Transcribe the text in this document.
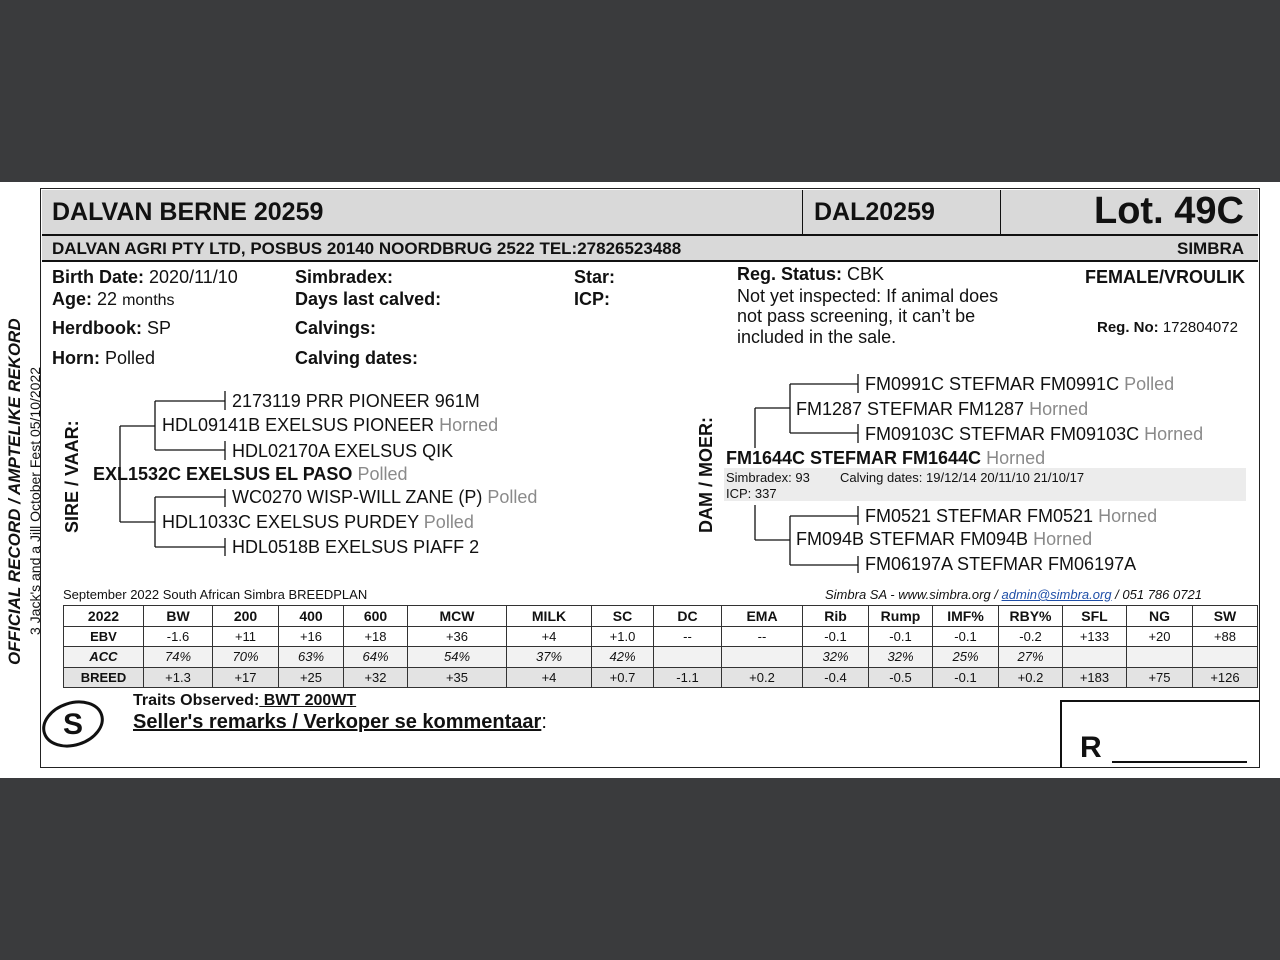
DALVAN BERNE 20259	DAL20259	Lot. 49C
DALVAN AGRI PTY LTD, POSBUS 20140 NOORDBRUG 2522 TEL:27826523488	SIMBRA
Birth Date: 2020/11/10
Age: 22 months
Herdbook: SP
Horn: Polled
Simbradex:
Days last calved:
Calvings:
Calving dates:
Star:
ICP:
Reg. Status: CBK
Not yet inspected: If animal does
not pass screening, it can’t be
included in the sale.
FEMALE/VROULIK
Reg. No: 172804072
SIRE / VAAR:	DAM / MOER:
OFFICIAL RECORD / AMPTELIKE REKORD 3 Jack's and a Jill October Fest 05/10/2022	2173119 PRR PIONEER 961M
HDL09141B EXELSUS PIONEER Horned
HDL02170A EXELSUS QIK
EXL1532C EXELSUS EL PASO Polled
WC0270 WISP-WILL ZANE (P) Polled
HDL1033C EXELSUS PURDEY Polled
HDL0518B EXELSUS PIAFF 2
FM0991C STEFMAR FM0991C Polled
FM1287 STEFMAR FM1287 Horned
FM09103C STEFMAR FM09103C Horned
FM1644C STEFMAR FM1644C Horned
Simbradex: 93 Calving dates: 19/12/14 20/11/10 21/10/17
ICP: 337
FM0521 STEFMAR FM0521 Horned
FM094B STEFMAR FM094B Horned
FM06197A STEFMAR FM06197A
September 2022 South African Simbra BREEDPLAN	Simbra SA - www.simbra.org / admin@simbra.org / 051 786 0721
2022	BW	200	400	600	MCW	MILK	SC	DC	EMA	Rib	Rump	IMF%	RBY%	SFL	NG	SW
EBV	-1.6	+11	+16	+18	+36	+4	+1.0	--	--	-0.1	-0.1	-0.1	-0.2	+133	+20	+88
ACC	74%	70%	63%	64%	54%	37%	42%			32%	32%	25%	27%			
BREED	+1.3	+17	+25	+32	+35	+4	+0.7	-1.1	+0.2	-0.4	-0.5	-0.1	+0.2	+183	+75	+126
Traits Observed: BWT 200WT
Seller's remarks / Verkoper se kommentaar:
S
R
